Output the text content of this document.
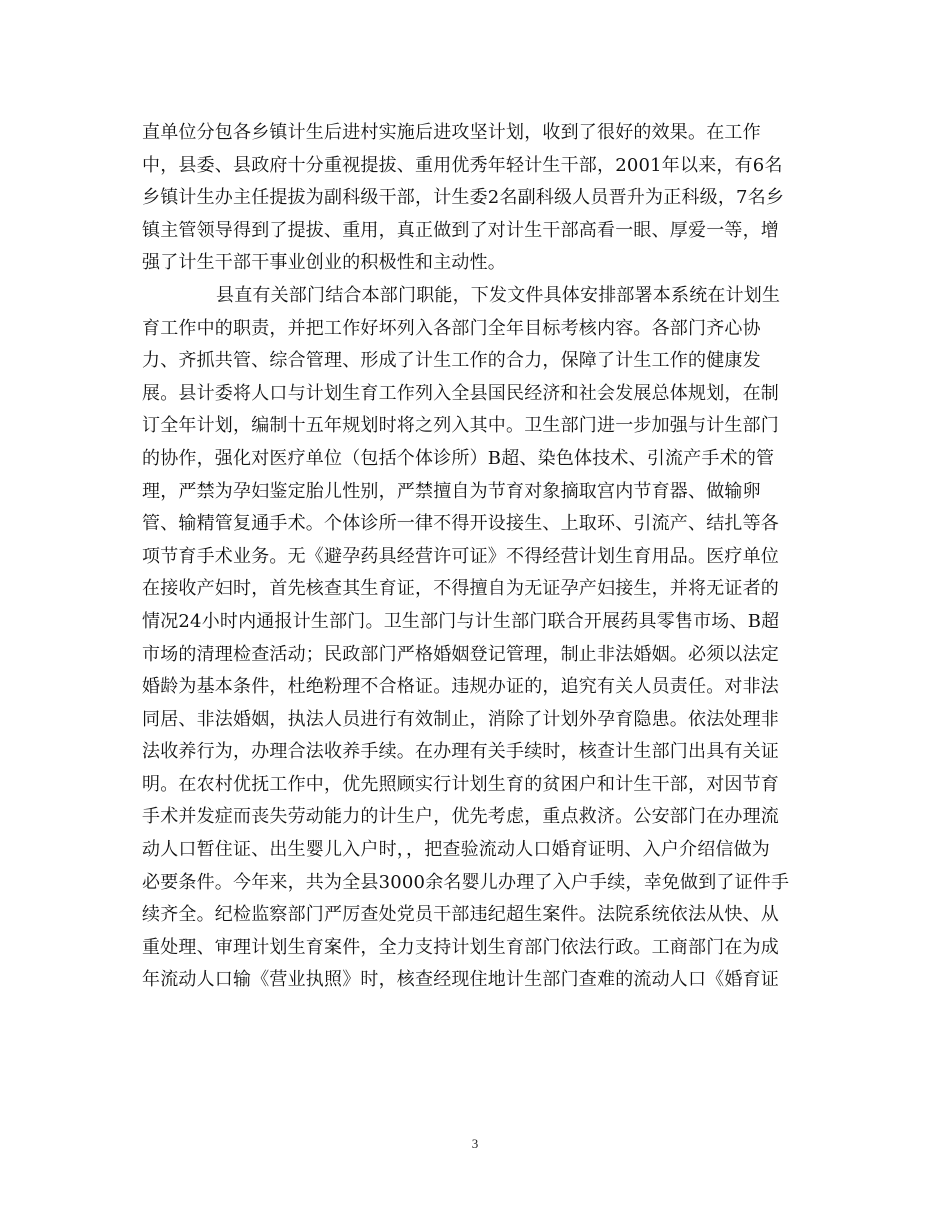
直单位分包各乡镇计生后进村实施后进攻坚计划，收到了很好的效果。在工作
中，县委、县政府十分重视提拔、重用优秀年轻计生干部，2001年以来，有6名
乡镇计生办主任提拔为副科级干部，计生委2名副科级人员晋升为正科级，7名乡
镇主管领导得到了提拔、重用，真正做到了对计生干部高看一眼、厚爱一等，增
强了计生干部干事业创业的积极性和主动性。
县直有关部门结合本部门职能，下发文件具体安排部署本系统在计划生
育工作中的职责，并把工作好坏列入各部门全年目标考核内容。各部门齐心协
力、齐抓共管、综合管理、形成了计生工作的合力，保障了计生工作的健康发
展。县计委将人口与计划生育工作列入全县国民经济和社会发展总体规划，在制
订全年计划，编制十五年规划时将之列入其中。卫生部门进一步加强与计生部门
的协作，强化对医疗单位（包括个体诊所）B超、染色体技术、引流产手术的管
理，严禁为孕妇鉴定胎儿性别，严禁擅自为节育对象摘取宫内节育器、做输卵
管、输精管复通手术。个体诊所一律不得开设接生、上取环、引流产、结扎等各
项节育手术业务。无《避孕药具经营许可证》不得经营计划生育用品。医疗单位
在接收产妇时，首先核查其生育证，不得擅自为无证孕产妇接生，并将无证者的
情况24小时内通报计生部门。卫生部门与计生部门联合开展药具零售市场、B超
市场的清理检查活动；民政部门严格婚姻登记管理，制止非法婚姻。必须以法定
婚龄为基本条件，杜绝粉理不合格证。违规办证的，追究有关人员责任。对非法
同居、非法婚姻，执法人员进行有效制止，消除了计划外孕育隐患。依法处理非
法收养行为，办理合法收养手续。在办理有关手续时，核查计生部门出具有关证
明。在农村优抚工作中，优先照顾实行计划生育的贫困户和计生干部，对因节育
手术并发症而丧失劳动能力的计生户，优先考虑，重点救济。公安部门在办理流
动人口暂住证、出生婴儿入户时，，把查验流动人口婚育证明、入户介绍信做为
必要条件。今年来，共为全县3000余名婴儿办理了入户手续，幸免做到了证件手
续齐全。纪检监察部门严厉查处党员干部违纪超生案件。法院系统依法从快、从
重处理、审理计划生育案件，全力支持计划生育部门依法行政。工商部门在为成
年流动人口输《营业执照》时，核查经现住地计生部门查难的流动人口《婚育证
3
